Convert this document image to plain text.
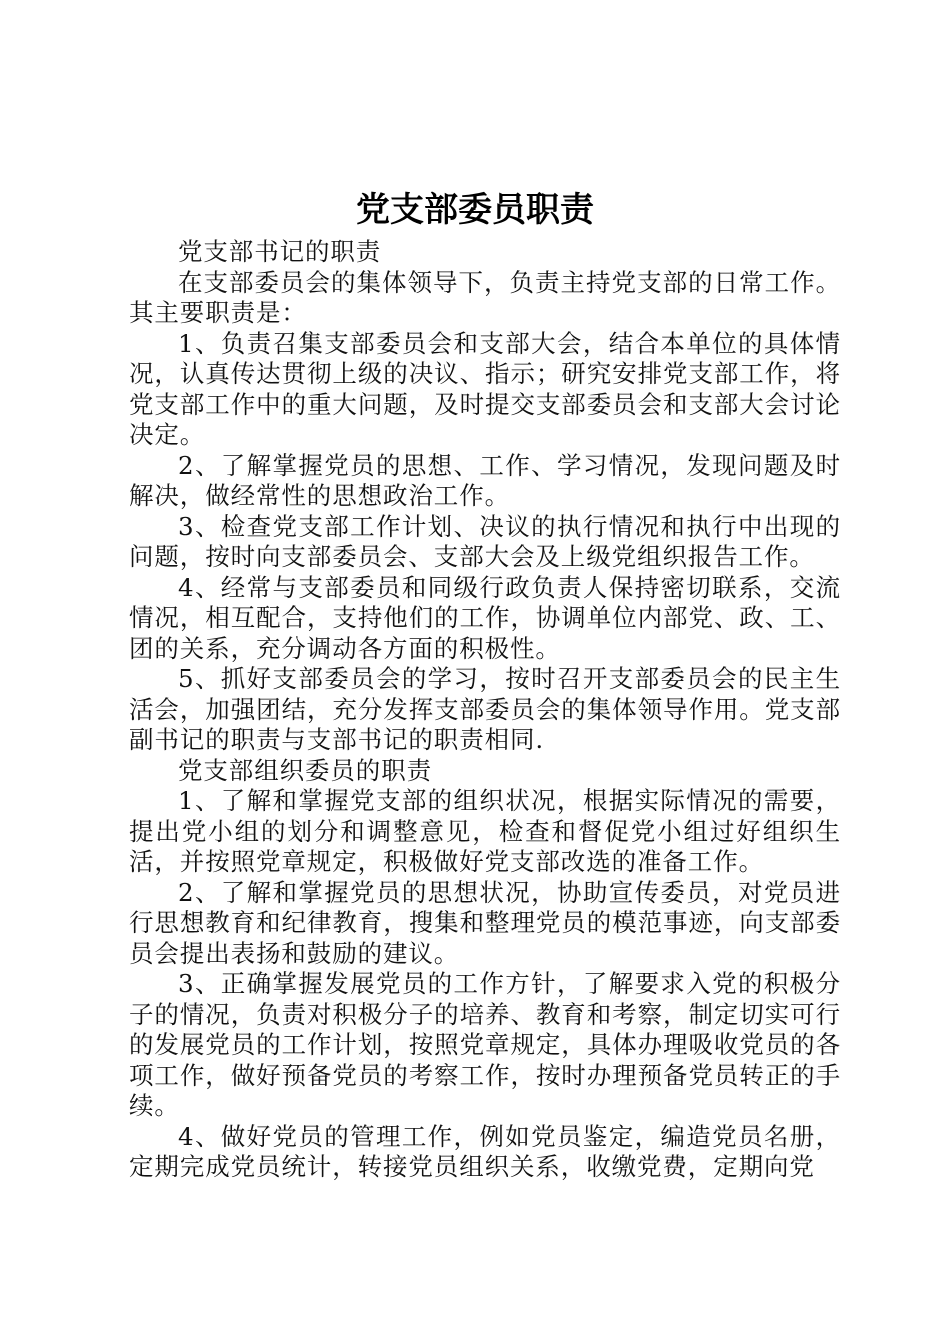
党支部委员职责

党支部书记的职责

在支部委员会的集体领导下，负责主持党支部的日常工作。其主要职责是：

1、负责召集支部委员会和支部大会，结合本单位的具体情况，认真传达贯彻上级的决议、指示；研究安排党支部工作，将党支部工作中的重大问题，及时提交支部委员会和支部大会讨论决定。

2、了解掌握党员的思想、工作、学习情况，发现问题及时解决，做经常性的思想政治工作。

3、检查党支部工作计划、决议的执行情况和执行中出现的问题，按时向支部委员会、支部大会及上级党组织报告工作。

4、经常与支部委员和同级行政负责人保持密切联系，交流情况，相互配合，支持他们的工作，协调单位内部党、政、工、团的关系，充分调动各方面的积极性。

5、抓好支部委员会的学习，按时召开支部委员会的民主生活会，加强团结，充分发挥支部委员会的集体领导作用。党支部副书记的职责与支部书记的职责相同.

党支部组织委员的职责

1、了解和掌握党支部的组织状况，根据实际情况的需要，提出党小组的划分和调整意见，检查和督促党小组过好组织生活，并按照党章规定，积极做好党支部改选的准备工作。

2、了解和掌握党员的思想状况，协助宣传委员，对党员进行思想教育和纪律教育，搜集和整理党员的模范事迹，向支部委员会提出表扬和鼓励的建议。

3、正确掌握发展党员的工作方针，了解要求入党的积极分子的情况，负责对积极分子的培养、教育和考察，制定切实可行的发展党员的工作计划，按照党章规定，具体办理吸收党员的各项工作，做好预备党员的考察工作，按时办理预备党员转正的手续。

4、做好党员的管理工作，例如党员鉴定，编造党员名册，定期完成党员统计，转接党员组织关系，收缴党费，定期向党
